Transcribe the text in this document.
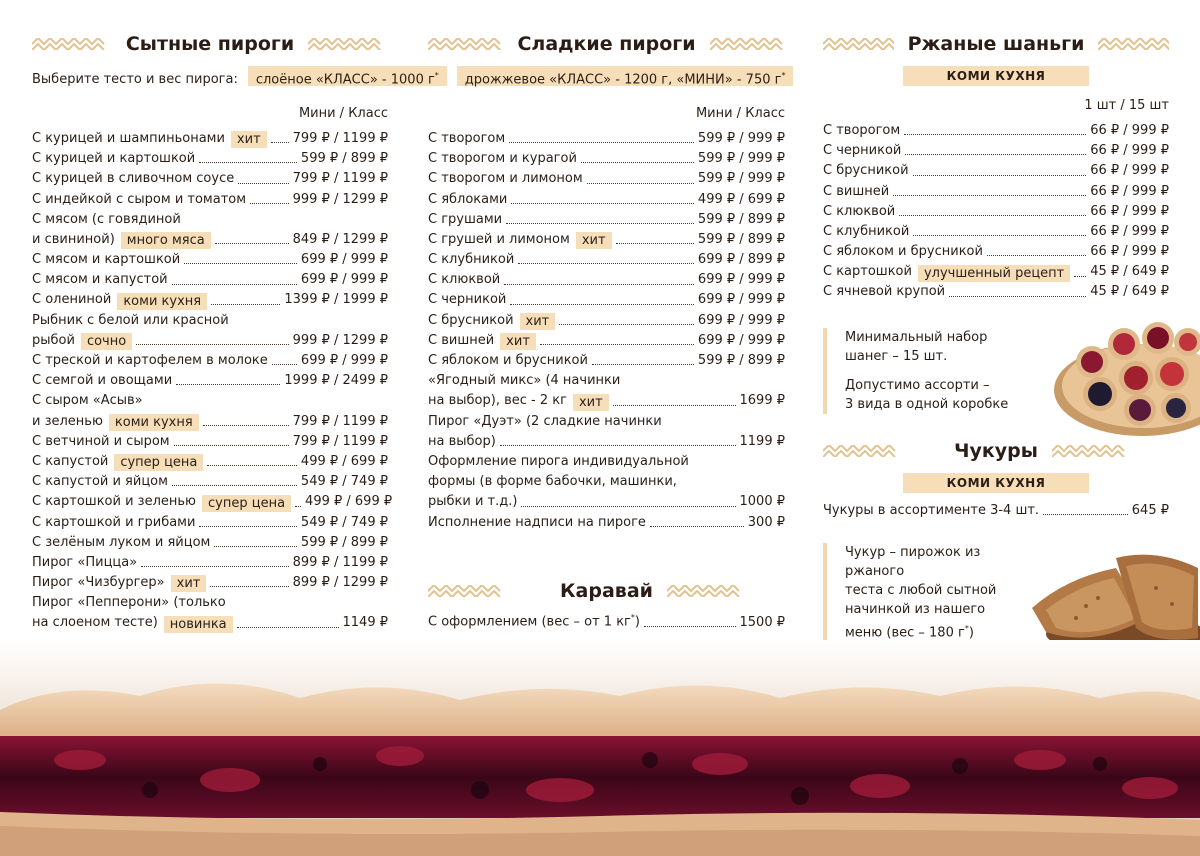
Сытные пироги
Мини / Класс
С курицей и шампиньонами хит	799 ₽ / 1199 ₽
С курицей и картошкой	599 ₽ / 899 ₽
С курицей в сливочном соусе	799 ₽ / 1199 ₽
С индейкой с сыром и томатом	999 ₽ / 1299 ₽
С мясом (с говядиной
и свининой) много мяса	849 ₽ / 1299 ₽
С мясом и картошкой	699 ₽ / 999 ₽
С мясом и капустой	699 ₽ / 999 ₽
С олениной коми кухня	1399 ₽ / 1999 ₽
Рыбник с белой или красной
рыбой сочно	999 ₽ / 1299 ₽
С треской и картофелем в молоке	699 ₽ / 999 ₽
С семгой и овощами	1999 ₽ / 2499 ₽
С сыром «Асыв»
и зеленью коми кухня	799 ₽ / 1199 ₽
С ветчиной и сыром	799 ₽ / 1199 ₽
С капустой супер цена	499 ₽ / 699 ₽
С капустой и яйцом	549 ₽ / 749 ₽
С картошкой и зеленью супер цена	499 ₽ / 699 ₽
С картошкой и грибами	549 ₽ / 749 ₽
С зелёным луком и яйцом	599 ₽ / 899 ₽
Пирог «Пицца»	899 ₽ / 1199 ₽
Пирог «Чизбургер» хит	899 ₽ / 1299 ₽
Пирог «Пепперони» (только
на слоеном тесте) новинка	1149 ₽
Выберите тесто и вес пирога: слоёное «КЛАСС» - 1000 г* дрожжевое «КЛАСС» - 1200 г, «МИНИ» - 750 г*
Сладкие пироги
Мини / Класс
С творогом	599 ₽ / 999 ₽
С творогом и курагой	599 ₽ / 999 ₽
С творогом и лимоном	599 ₽ / 999 ₽
С яблоками	499 ₽ / 699 ₽
С грушами	599 ₽ / 899 ₽
С грушей и лимоном хит	599 ₽ / 899 ₽
С клубникой	699 ₽ / 899 ₽
С клюквой	699 ₽ / 999 ₽
С черникой	699 ₽ / 999 ₽
С брусникой хит	699 ₽ / 999 ₽
С вишней хит	699 ₽ / 999 ₽
С яблоком и брусникой	599 ₽ / 899 ₽
«Ягодный микс» (4 начинки
на выбор), вес - 2 кг хит	1699 ₽
Пирог «Дуэт» (2 сладкие начинки
на выбор)	1199 ₽
Оформление пирога индивидуальной
формы (в форме бабочки, машинки,
рыбки и т.д.)	1000 ₽
Исполнение надписи на пироге	300 ₽
Каравай
С оформлением (вес – от 1 кг*)	1500 ₽
Ржаные шаньги
КОМИ КУХНЯ
1 шт / 15 шт
С творогом	66 ₽ / 999 ₽
С черникой	66 ₽ / 999 ₽
С брусникой	66 ₽ / 999 ₽
С вишней	66 ₽ / 999 ₽
С клюквой	66 ₽ / 999 ₽
С клубникой	66 ₽ / 999 ₽
С яблоком и брусникой	66 ₽ / 999 ₽
С картошкой улучшенный рецепт	45 ₽ / 649 ₽
С ячневой крупой	45 ₽ / 649 ₽
Минимальный набор
шанег – 15 шт.
Допустимо ассорти –
3 вида в одной коробке
Чукуры
КОМИ КУХНЯ
Чукуры в ассортименте 3-4 шт.	645 ₽
Чукур – пирожок из ржаного
теста с любой сытной
начинкой из нашего
меню (вес – 180 г*)
